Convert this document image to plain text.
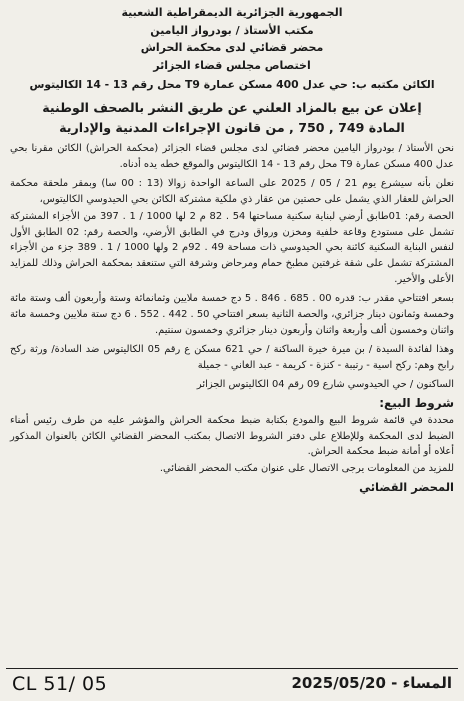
الجمهورية الجزائرية الديمقراطية الشعبية
مكتب الأستاذ / بودرواز اليامين
محضر قضائي لدى محكمة الحراش
اختصاص مجلس قضاء الجزائر
الكائن مكتبه ب: حي عدل 400 مسكن عمارة T9 محل رقم 13 - 14 الكاليتوس
إعلان عن بيع بالمزاد العلني عن طريق النشر بالصحف الوطنية
المادة 749 , 750 , من قانون الإجراءات المدنية والإدارية

نحن الأستاذ / بودرواز اليامين محضر قضائي لدى مجلس قضاء الجزائر (محكمة الحراش) الكائن مقرنا بحي عدل 400 مسكن عمارة T9 محل رقم 13 - 14 الكاليتوس والموقع خطه يده أدناه.

نعلن بأنه سيشرع يوم 21 / 05 / 2025 على الساعة الواحدة زوالا (13 : 00 سا) وبمقر ملحقة محكمة الحراش للعقار الذي يشمل على حصتين من عقار ذي ملكية مشتركة الكائن بحي الحيدوسي الكاليتوس،

الحصة رقم: 01طابق أرضي لبناية سكنية مساحتها 54 . 82 م 2 لها 1000 / 1 . 397 من الأجزاء المشتركة تشمل على مستودع وقاعة خلفية ومخزن ورواق ودرج في الطابق الأرضي، والحصة رقم: 02 الطابق الأول لنفس البناية السكنية كائنة بحي الحيدوسي ذات مساحة 49 . 92م 2 ولها 1000 / 1 . 389 جزء من الأجزاء المشتركة تشمل على شقة غرفتين مطبخ حمام ومرحاض وشرفة التي ستنعقد بمحكمة الحراش وذلك للمزايد الأعلى والأخير.

بسعر افتتاحي مقدر ب: قدره 00 . 685 . 846 . 5 دج خمسة ملايين وثمانمائة وستة وأربعون ألف وستة مائة وخمسة وثمانون دينار جزائري، والحصة الثانية بسعر افتتاحي 50 . 442 . 552 . 6 دج ستة ملايين وخمسة مائة واثنان وخمسون ألف وأربعة واثنان وأربعون دينار جزائري وخمسون سنتيم.

وهذا لفائدة السيدة / بن ميرة خيرة الساكنة / حي 621 مسكن ع رقم 05 الكاليتوس ضد السادة/ ورثة ركح رابح وهم: ركح اسية - رتيبة - كنزة - كريمة - عبد الغاني - جميلة

الساكنون / حي الحيدوسي شارع 09 رقم 04 الكاليتوس الجزائر

شروط البيع:

محددة في قائمة شروط البيع والمودع بكتابة ضبط محكمة الحراش والمؤشر عليه من طرف رئيس أمناء الضبط لدى المحكمة وللإطلاع على دفتر الشروط الاتصال بمكتب المحضر القضائي الكائن بالعنوان المذكور أعلاه أو أمانة ضبط محكمة الحراش.

للمزيد من المعلومات يرجى الاتصال على عنوان مكتب المحضر القضائي.

المحضر القضائي
المساء - 2025/05/20
CL 51/ 05
